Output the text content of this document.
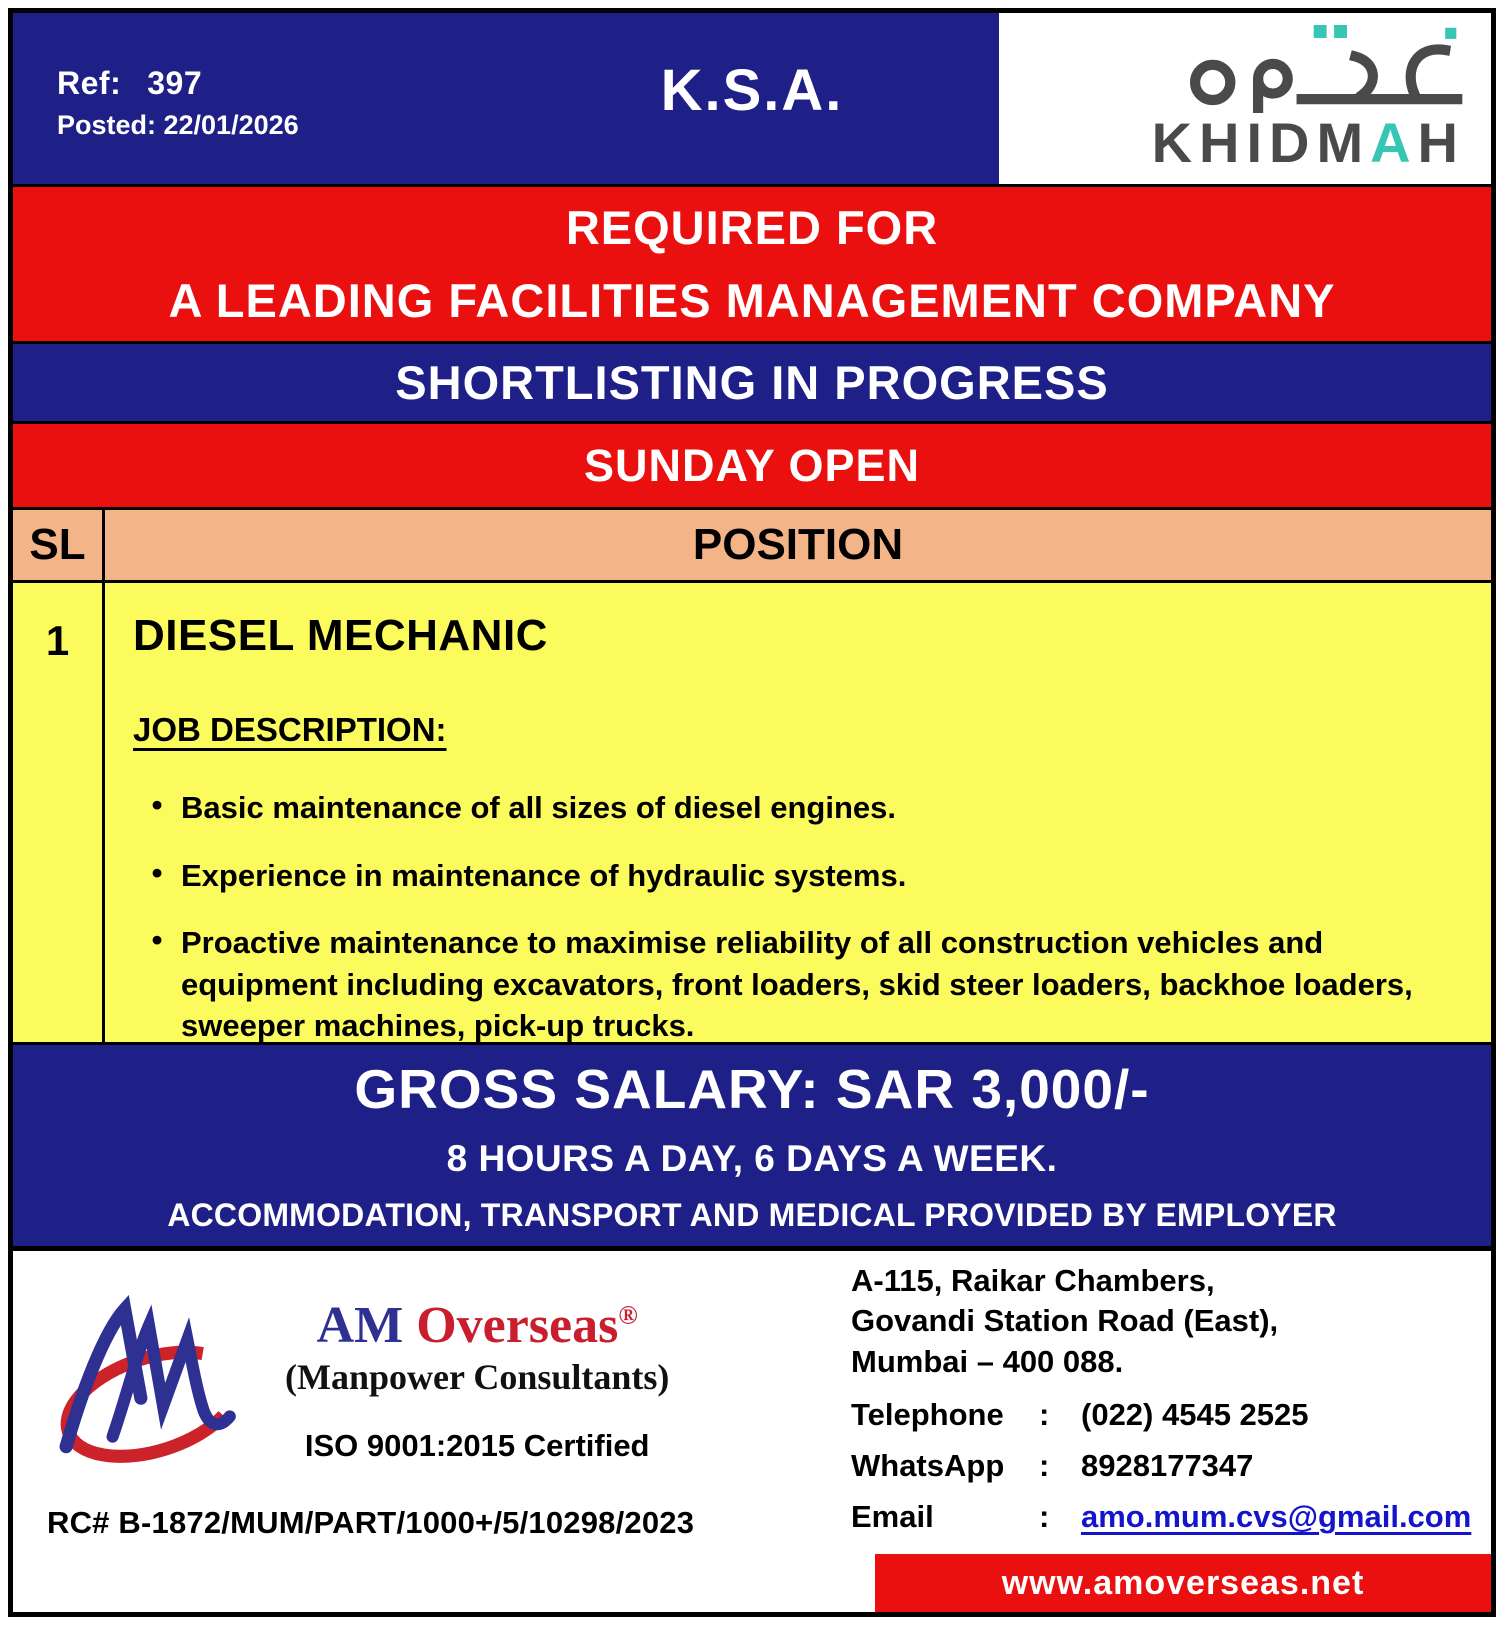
Ref: 397
Posted: 22/01/2026
K.S.A.
KHIDMAH
REQUIRED FOR
A LEADING FACILITIES MANAGEMENT COMPANY
SHORTLISTING IN PROGRESS
SUNDAY OPEN
SL	POSITION
1	DIESEL MECHANIC
JOB DESCRIPTION:
•
Basic maintenance of all sizes of diesel engines.
•
Experience in maintenance of hydraulic systems.
•
Proactive maintenance to maximise reliability of all construction vehicles and equipment including excavators, front loaders, skid steer loaders, backhoe loaders, sweeper machines, pick-up trucks.
GROSS SALARY: SAR 3,000/-
8 HOURS A DAY, 6 DAYS A WEEK.
ACCOMMODATION, TRANSPORT AND MEDICAL PROVIDED BY EMPLOYER
AM Overseas®
(Manpower Consultants)
ISO 9001:2015 Certified
RC# B-1872/MUM/PART/1000+/5/10298/2023
A-115, Raikar Chambers,
Govandi Station Road (East),
Mumbai – 400 088.
Telephone	:	(022) 4545 2525
WhatsApp	:	8928177347
Email	:	amo.mum.cvs@gmail.com
www.amoverseas.net
